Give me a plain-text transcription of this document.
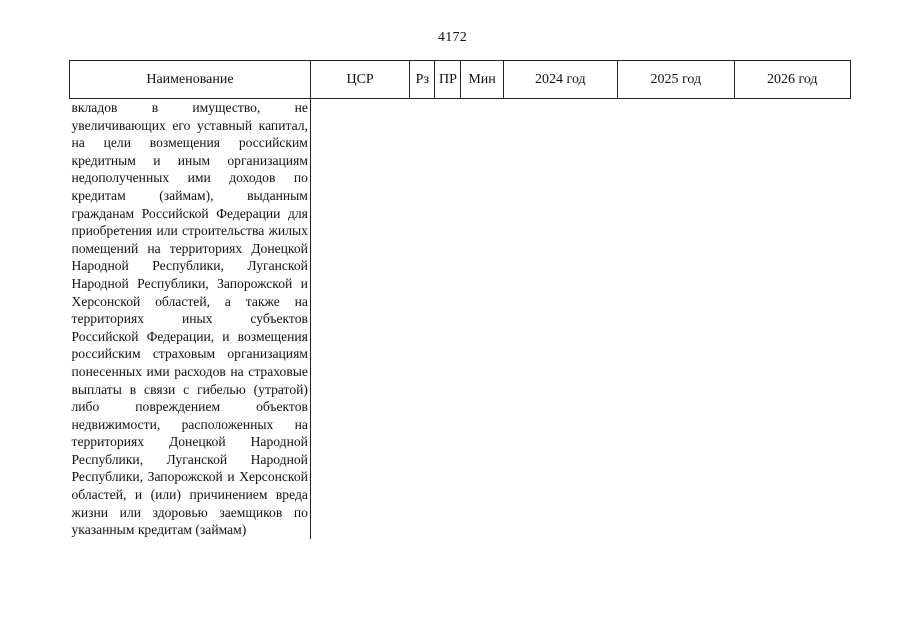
4172
Наименование	ЦСР	Рз	ПР	Мин	2024 год	2025 год	2026 год

вкладов в имущество, не увеличивающих его уставный капитал, на цели возмещения российским кредитным и иным организациям недополученных ими доходов по кредитам (займам), выданным гражданам Российской Федерации для приобретения или строительства жилых помещений на территориях Донецкой Народной Республики, Луганской Народной Республики, Запорожской и Херсонской областей, а также на территориях иных субъектов Российской Федерации, и возмещения российским страховым организациям понесенных ими расходов на страховые выплаты в связи с гибелью (утратой) либо повреждением объектов недвижимости, расположенных на территориях Донецкой Народной Республики, Луганской Народной Республики, Запорожской и Херсонской областей, и (или) причинением вреда жизни или здоровью заемщиков по указанным кредитам (займам)							
